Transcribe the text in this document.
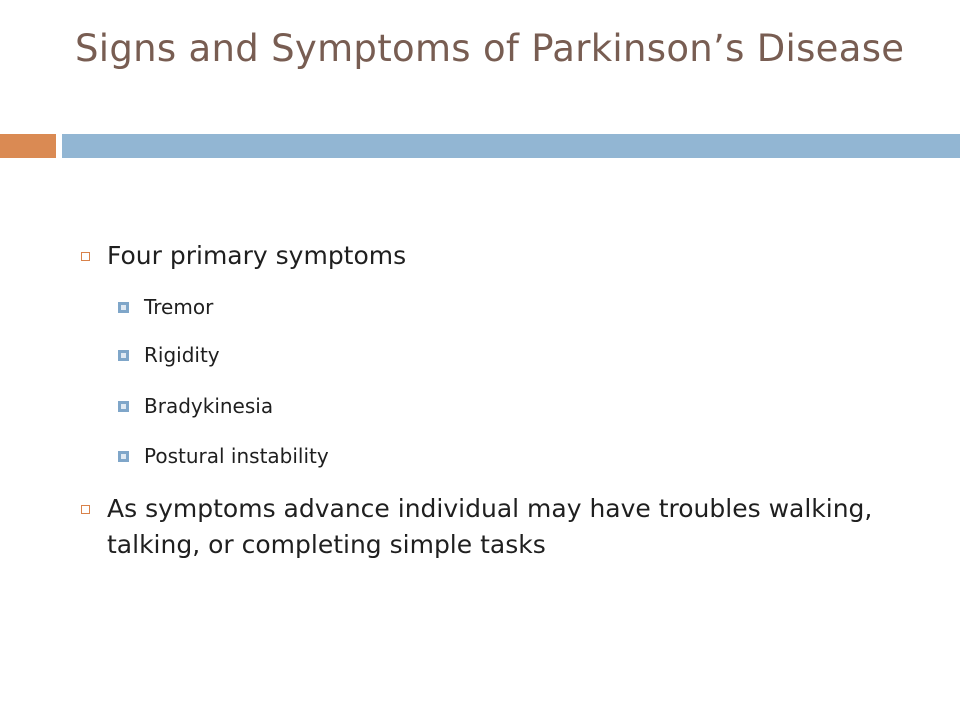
Signs and Symptoms of Parkinson’s Disease
Four primary symptoms
Tremor
Rigidity
Bradykinesia
Postural instability
As symptoms advance individual may have troubles walking, talking, or completing simple tasks
